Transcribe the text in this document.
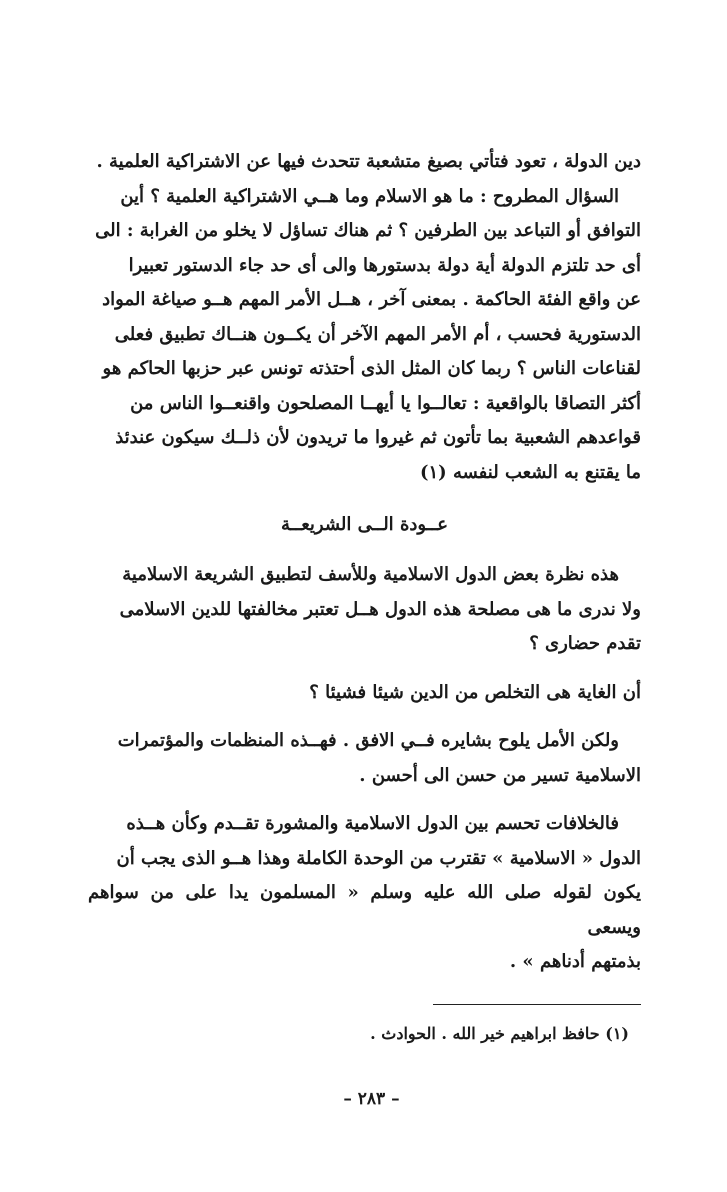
دين الدولة ، تعود فتأتي بصيغ متشعبة تتحدث فيها عن الاشتراكية العلمية .

السؤال المطروح : ما هو الاسلام وما هــي الاشتراكية العلمية ؟ أين
التوافق أو التباعد بين الطرفين ؟ ثم هناك تساؤل لا يخلو من الغرابة : الى
أى حد تلتزم الدولة أية دولة بدستورها والى أى حد جاء الدستور تعبيرا
عن واقع الفئة الحاكمة . بمعنى آخر ، هــل الأمر المهم هــو صياغة المواد
الدستورية فحسب ، أم الأمر المهم الآخر أن يكــون هنــاك تطبيق فعلى
لقناعات الناس ؟ ربما كان المثل الذى أحتذته تونس عبر حزبها الحاكم هو
أكثر التصاقا بالواقعية : تعالــوا يا أيهــا المصلحون واقنعــوا الناس من
قواعدهم الشعبية بما تأتون ثم غيروا ما تريدون لأن ذلــك سيكون عندئذ
ما يقتنع به الشعب لنفسه (١)

عــودة الــى الشريعــة

هذه نظرة بعض الدول الاسلامية وللأسف لتطبيق الشريعة الاسلامية
ولا ندرى ما هى مصلحة هذه الدول هــل تعتبر مخالفتها للدين الاسلامى
تقدم حضارى ؟

أن الغاية هى التخلص من الدين شيئا فشيئا ؟

ولكن الأمل يلوح بشايره فــي الافق . فهــذه المنظمات والمؤتمرات
الاسلامية تسير من حسن الى أحسن .

فالخلافات تحسم بين الدول الاسلامية والمشورة تقــدم وكأن هــذه
الدول « الاسلامية » تقترب من الوحدة الكاملة وهذا هــو الذى يجب أن
يكون لقوله صلى الله عليه وسلم « المسلمون يدا على من سواهم ويسعى
بذمتهم أدناهم » .

(١) حافظ ابراهيم خير الله . الحوادث .

– ٢٨٣ –
